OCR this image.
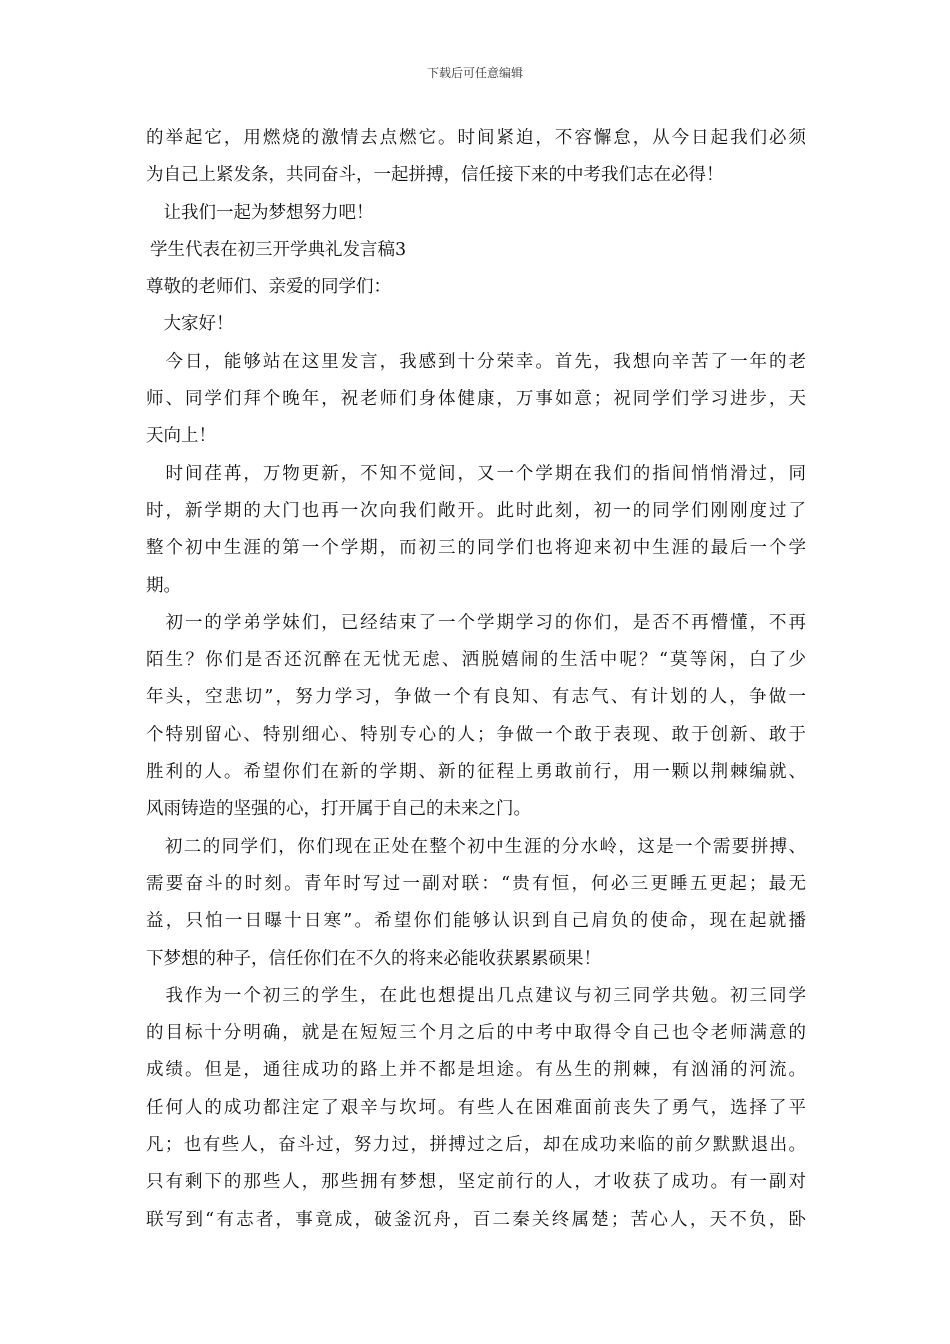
下载后可任意编辑
的举起它，用燃烧的激情去点燃它。时间紧迫，不容懈怠，从今日起我们必须
为自己上紧发条，共同奋斗，一起拼搏，信任接下来的中考我们志在必得！
　让我们一起为梦想努力吧！
学生代表在初三开学典礼发言稿3
尊敬的老师们、亲爱的同学们：
　大家好！
　今日，能够站在这里发言，我感到十分荣幸。首先，我想向辛苦了一年的老
师、同学们拜个晚年，祝老师们身体健康，万事如意；祝同学们学习进步，天
天向上！
　时间荏苒，万物更新，不知不觉间，又一个学期在我们的指间悄悄滑过，同
时，新学期的大门也再一次向我们敞开。此时此刻，初一的同学们刚刚度过了
整个初中生涯的第一个学期，而初三的同学们也将迎来初中生涯的最后一个学
期。
　初一的学弟学妹们，已经结束了一个学期学习的你们，是否不再懵懂，不再
陌生？你们是否还沉醉在无忧无虑、洒脱嬉闹的生活中呢？“莫等闲，白了少
年头，空悲切”，努力学习，争做一个有良知、有志气、有计划的人，争做一
个特别留心、特别细心、特别专心的人；争做一个敢于表现、敢于创新、敢于
胜利的人。希望你们在新的学期、新的征程上勇敢前行，用一颗以荆棘编就、
风雨铸造的坚强的心，打开属于自己的未来之门。
　初二的同学们，你们现在正处在整个初中生涯的分水岭，这是一个需要拼搏、
需要奋斗的时刻。青年时写过一副对联：“贵有恒，何必三更睡五更起；最无
益，只怕一日曝十日寒”。希望你们能够认识到自己肩负的使命，现在起就播
下梦想的种子，信任你们在不久的将来必能收获累累硕果！
　我作为一个初三的学生，在此也想提出几点建议与初三同学共勉。初三同学
的目标十分明确，就是在短短三个月之后的中考中取得令自己也令老师满意的
成绩。但是，通往成功的路上并不都是坦途。有丛生的荆棘，有汹涌的河流。
任何人的成功都注定了艰辛与坎坷。有些人在困难面前丧失了勇气，选择了平
凡；也有些人，奋斗过，努力过，拼搏过之后，却在成功来临的前夕默默退出。
只有剩下的那些人，那些拥有梦想，坚定前行的人，才收获了成功。有一副对
联写到“有志者，事竟成，破釜沉舟，百二秦关终属楚；苦心人，天不负，卧
